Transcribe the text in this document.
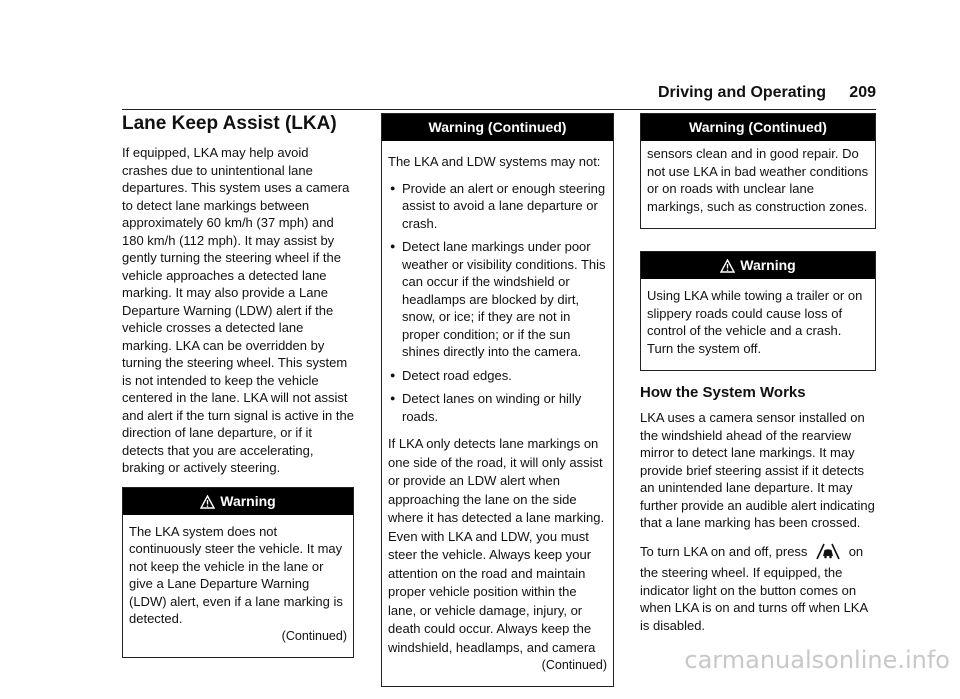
Driving and Operating 209
Lane Keep Assist (LKA)

If equipped, LKA may help avoid crashes due to unintentional lane departures. This system uses a camera to detect lane markings between approximately 60 km/h (37 mph) and 180 km/h (112 mph). It may assist by gently turning the steering wheel if the vehicle approaches a detected lane marking. It may also provide a Lane Departure Warning (LDW) alert if the vehicle crosses a detected lane marking. LKA can be overridden by turning the steering wheel. This system is not intended to keep the vehicle centered in the lane. LKA will not assist and alert if the turn signal is active in the direction of lane departure, or if it detects that you are accelerating, braking or actively steering.

Warning

The LKA system does not continuously steer the vehicle. It may not keep the vehicle in the lane or give a Lane Departure Warning (LDW) alert, even if a lane marking is detected.

(Continued)

Warning (Continued)

The LKA and LDW systems may not:

● Provide an alert or enough steering assist to avoid a lane departure or crash.
● Detect lane markings under poor weather or visibility conditions. This can occur if the windshield or headlamps are blocked by dirt, snow, or ice; if they are not in proper condition; or if the sun shines directly into the camera.
● Detect road edges.
● Detect lanes on winding or hilly roads.

If LKA only detects lane markings on one side of the road, it will only assist or provide an LDW alert when approaching the lane on the side where it has detected a lane marking. Even with LKA and LDW, you must steer the vehicle. Always keep your attention on the road and maintain proper vehicle position within the lane, or vehicle damage, injury, or death could occur. Always keep the windshield, headlamps, and camera

(Continued)

Warning (Continued)

sensors clean and in good repair. Do not use LKA in bad weather conditions or on roads with unclear lane markings, such as construction zones.

Warning

Using LKA while towing a trailer or on slippery roads could cause loss of control of the vehicle and a crash. Turn the system off.

How the System Works

LKA uses a camera sensor installed on the windshield ahead of the rearview mirror to detect lane markings. It may provide brief steering assist if it detects an unintended lane departure. It may further provide an audible alert indicating that a lane marking has been crossed.

To turn LKA on and off, press	on the steering wheel. If equipped, the indicator light on the button comes on when LKA is on and turns off when LKA is disabled.

carmanualsonline.info
